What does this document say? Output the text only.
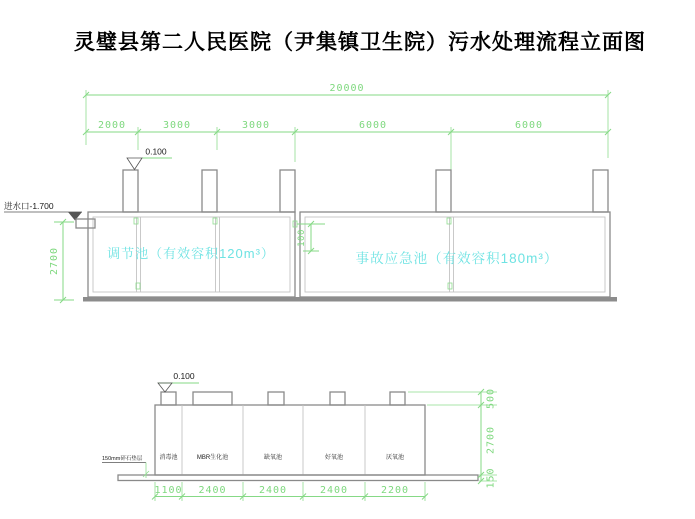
灵璧县第二人民医院（尹集镇卫生院）污水处理流程立面图
20000
2000	3000	3000	6000	6000
0.100
进水口-1.700
2700
100
调节池（有效容积120m³）	事故应急池（有效容积180m³）
0.100
150mm碎石垫层	消毒池	MBR生化池	缺氧池	好氧池	厌氧池
1100 2400	2400	2400	2200
500
2700
150
